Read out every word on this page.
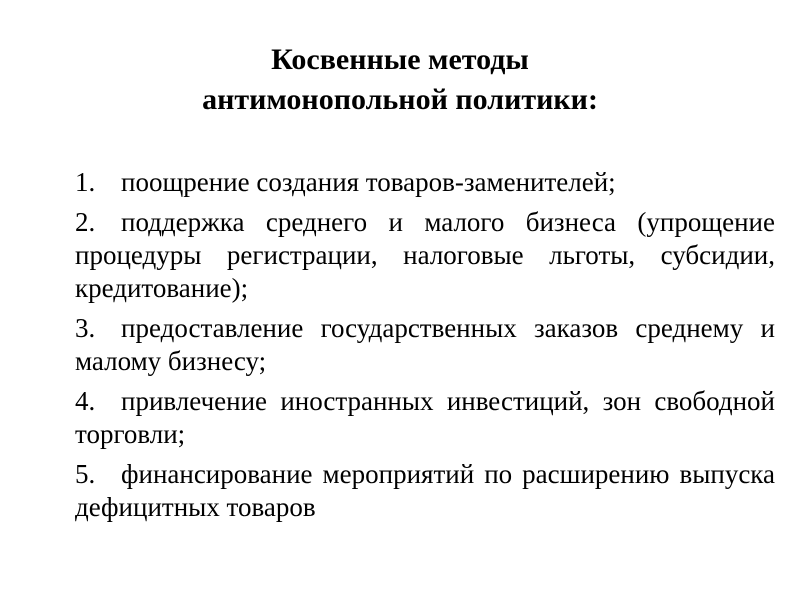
Косвенные методы
антимонопольной политики:
1. поощрение создания товаров-заменителей;
2. поддержка среднего и малого бизнеса (упрощение процедуры регистрации, налоговые льготы, субсидии, кредитование);
3. предоставление государственных заказов среднему и малому бизнесу;
4. привлечение иностранных инвестиций, зон свободной торговли;
5. финансирование мероприятий по расширению выпуска дефицитных товаров
